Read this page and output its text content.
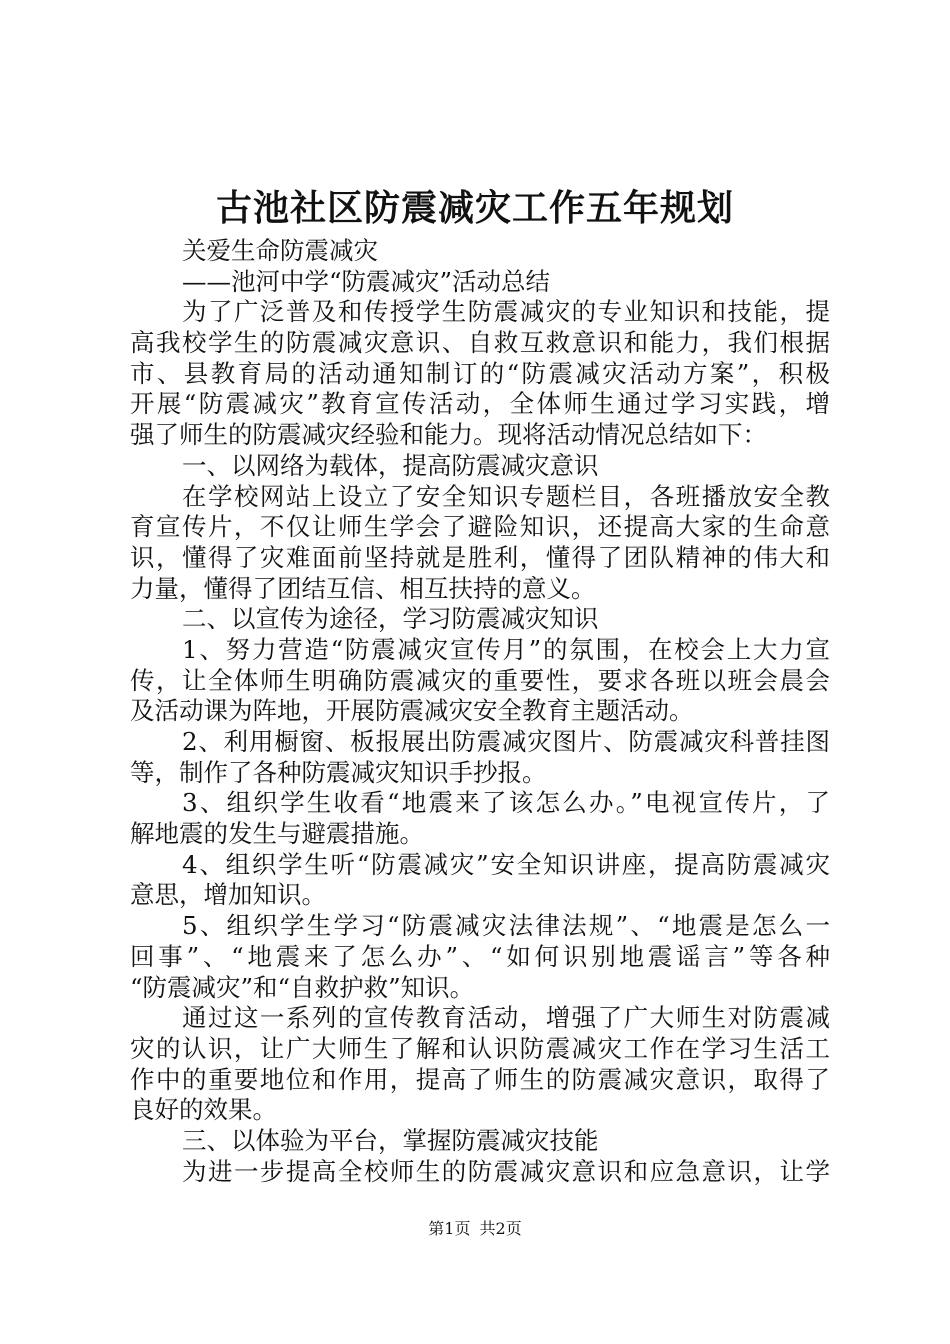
古池社区防震减灾工作五年规划
关爱生命防震减灾
——池河中学“防震减灾”活动总结
为了广泛普及和传授学生防震减灾的专业知识和技能，提
高我校学生的防震减灾意识、自救互救意识和能力，我们根据
市、县教育局的活动通知制订的“防震减灾活动方案”，积极
开展“防震减灾”教育宣传活动，全体师生通过学习实践，增
强了师生的防震减灾经验和能力。现将活动情况总结如下：
一、以网络为载体，提高防震减灾意识
在学校网站上设立了安全知识专题栏目，各班播放安全教
育宣传片，不仅让师生学会了避险知识，还提高大家的生命意
识，懂得了灾难面前坚持就是胜利，懂得了团队精神的伟大和
力量，懂得了团结互信、相互扶持的意义。
二、以宣传为途径，学习防震减灾知识
1、努力营造“防震减灾宣传月”的氛围，在校会上大力宣
传，让全体师生明确防震减灾的重要性，要求各班以班会晨会
及活动课为阵地，开展防震减灾安全教育主题活动。
2、利用橱窗、板报展出防震减灾图片、防震减灾科普挂图
等，制作了各种防震减灾知识手抄报。
3、组织学生收看“地震来了该怎么办。”电视宣传片，了
解地震的发生与避震措施。
4、组织学生听“防震减灾”安全知识讲座，提高防震减灾
意思，增加知识。
5、组织学生学习“防震减灾法律法规”、“地震是怎么一
回事”、“地震来了怎么办”、“如何识别地震谣言”等各种
“防震减灾”和“自救护救”知识。
通过这一系列的宣传教育活动，增强了广大师生对防震减
灾的认识，让广大师生了解和认识防震减灾工作在学习生活工
作中的重要地位和作用，提高了师生的防震减灾意识，取得了
良好的效果。
三、以体验为平台，掌握防震减灾技能
为进一步提高全校师生的防震减灾意识和应急意识，让学
第1页 共2页
